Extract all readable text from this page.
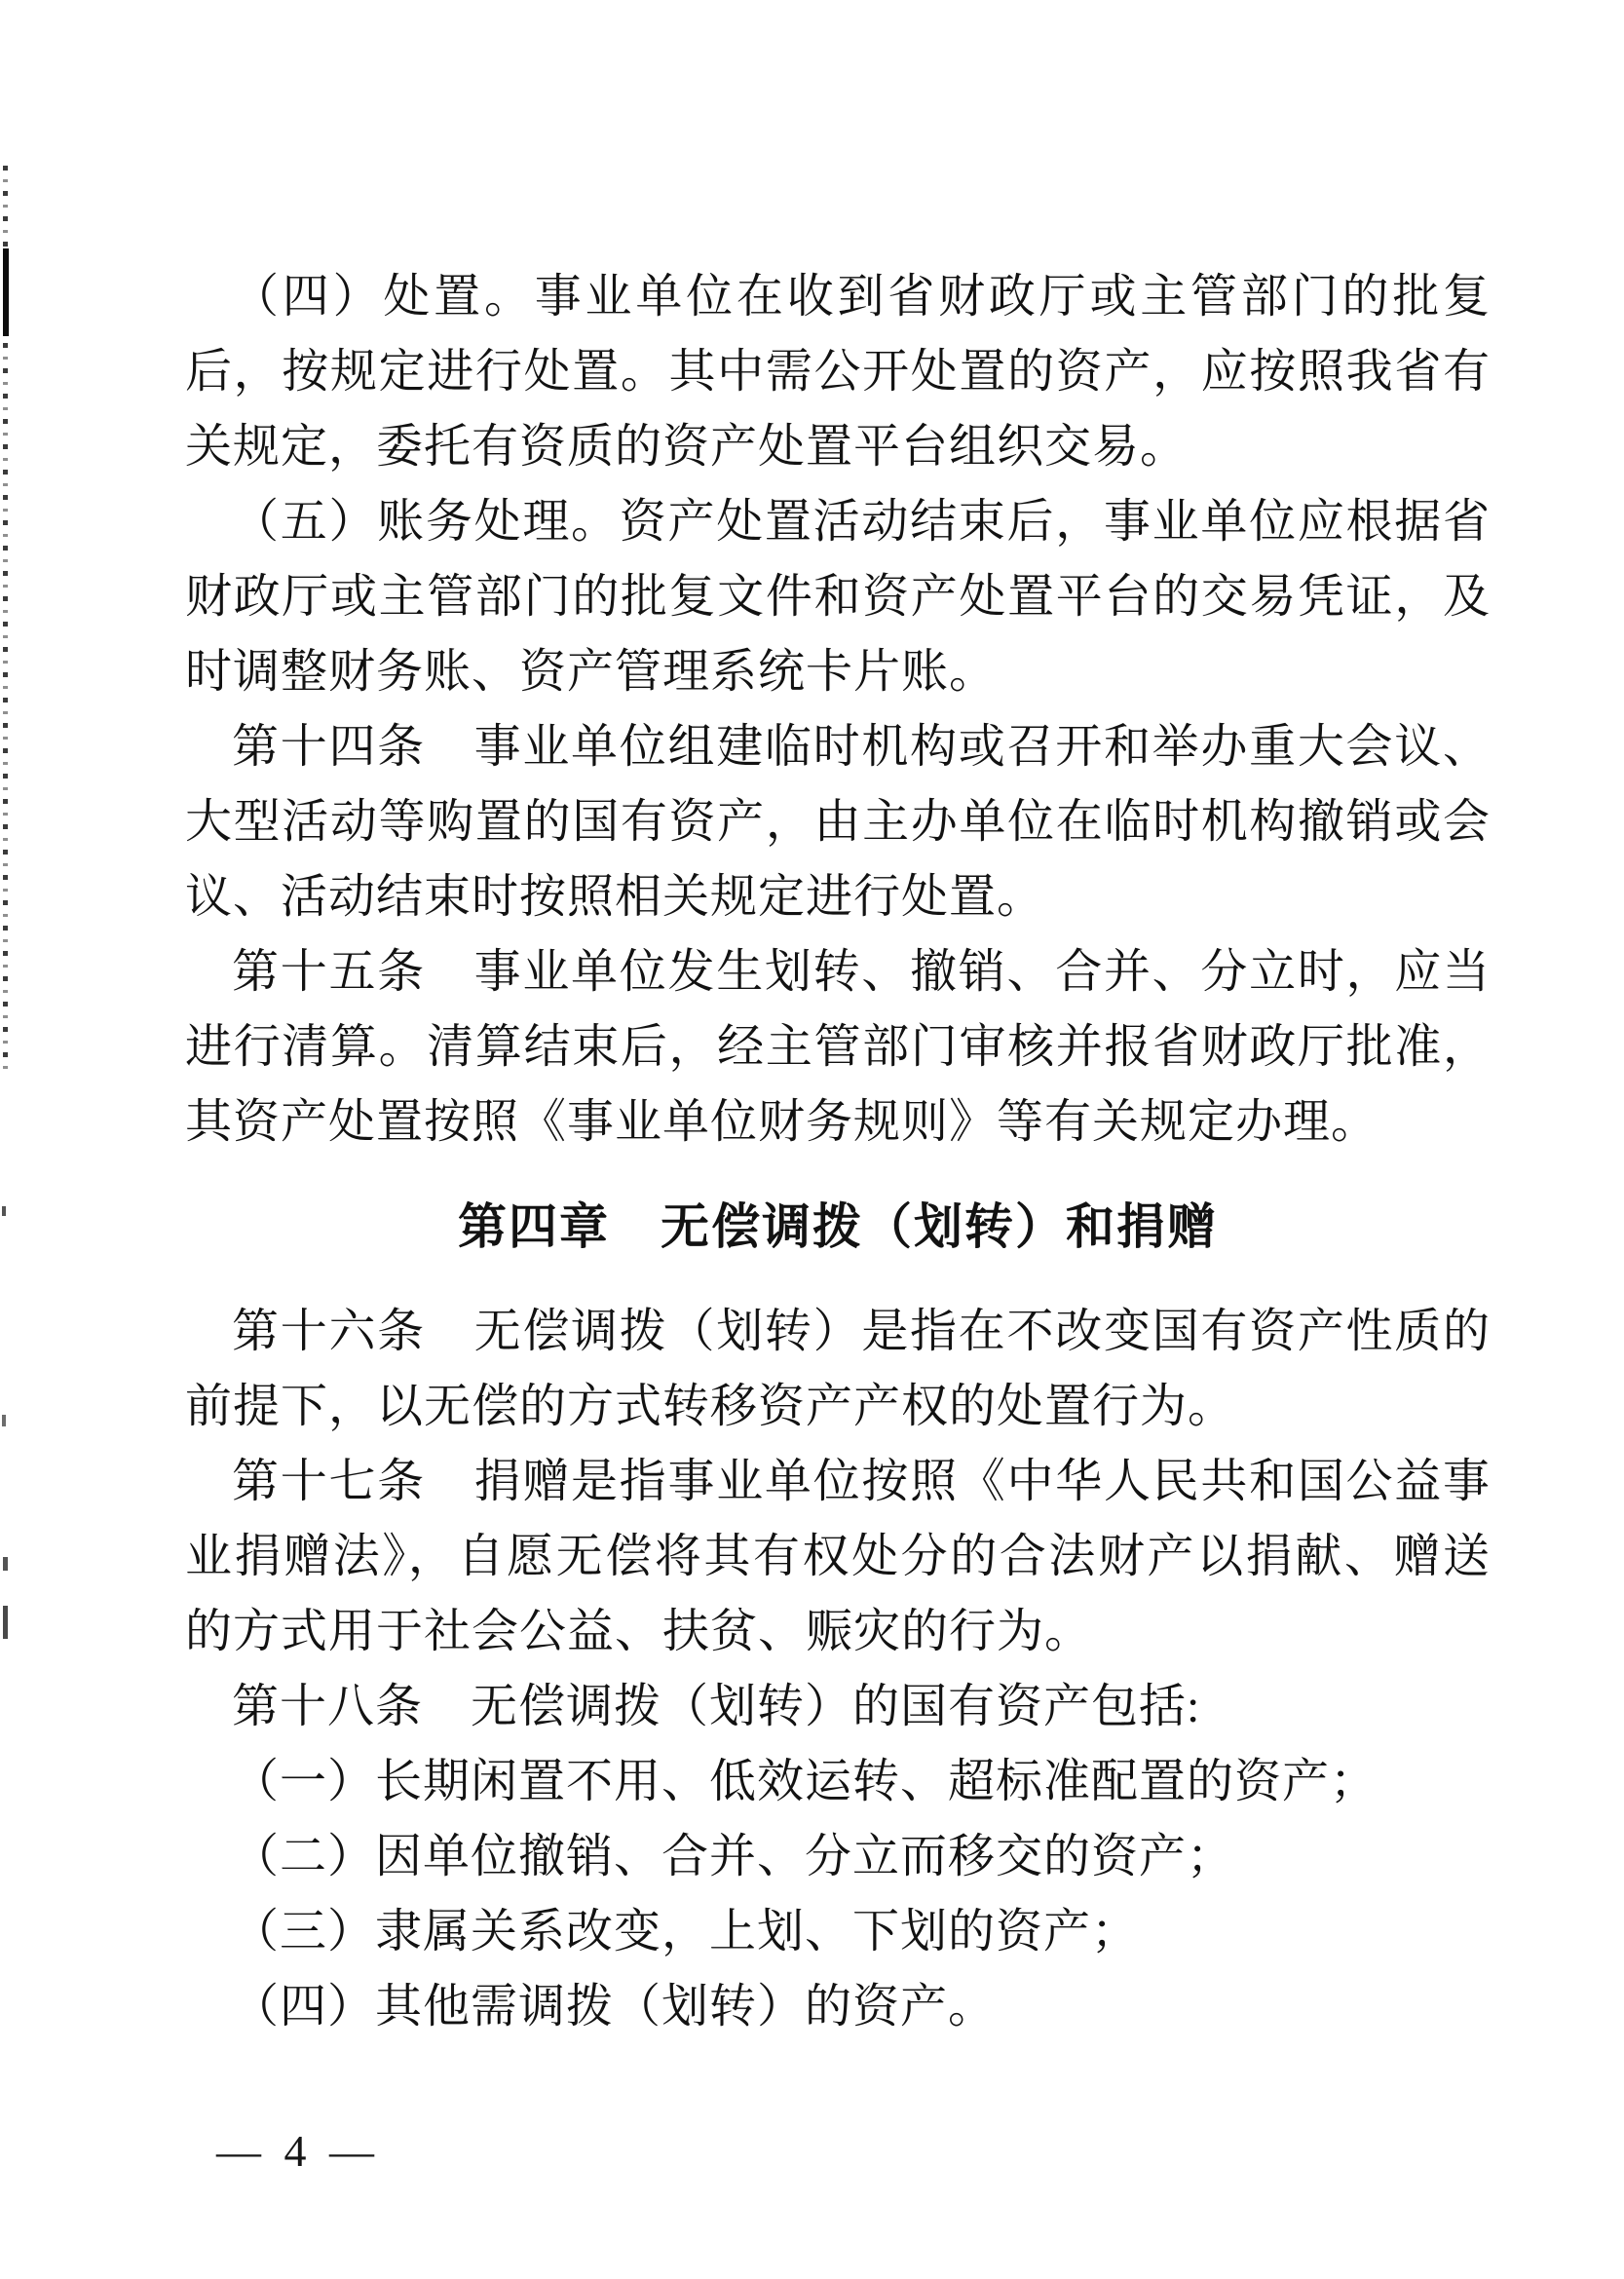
（四）处置。事业单位在收到省财政厅或主管部门的批复后，按规定进行处置。其中需公开处置的资产，应按照我省有关规定，委托有资质的资产处置平台组织交易。

（五）账务处理。资产处置活动结束后，事业单位应根据省财政厅或主管部门的批复文件和资产处置平台的交易凭证，及时调整财务账、资产管理系统卡片账。

第十四条　事业单位组建临时机构或召开和举办重大会议、大型活动等购置的国有资产，由主办单位在临时机构撤销或会议、活动结束时按照相关规定进行处置。

第十五条　事业单位发生划转、撤销、合并、分立时，应当进行清算。清算结束后，经主管部门审核并报省财政厅批准，其资产处置按照《事业单位财务规则》等有关规定办理。

第四章　无偿调拨（划转）和捐赠

第十六条　无偿调拨（划转）是指在不改变国有资产性质的前提下，以无偿的方式转移资产产权的处置行为。

第十七条　捐赠是指事业单位按照《中华人民共和国公益事业捐赠法》，自愿无偿将其有权处分的合法财产以捐献、赠送的方式用于社会公益、扶贫、赈灾的行为。

第十八条　无偿调拨（划转）的国有资产包括:

（一）长期闲置不用、低效运转、超标准配置的资产；

（二）因单位撤销、合并、分立而移交的资产；

（三）隶属关系改变，上划、下划的资产；

（四）其他需调拨（划转）的资产。

— 4 —
